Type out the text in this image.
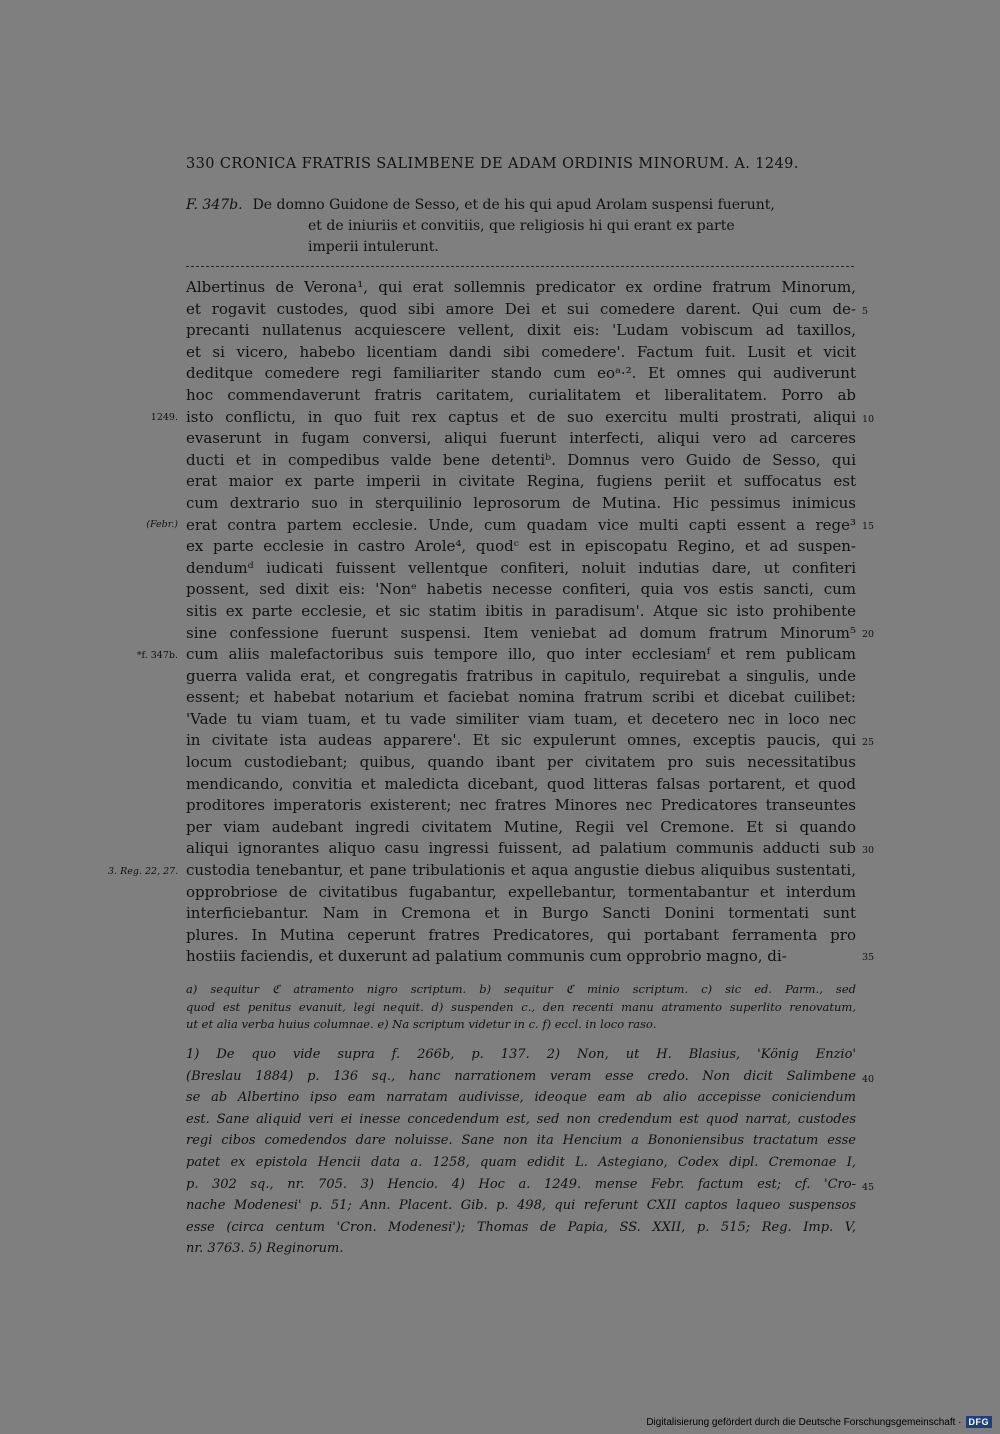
330 CRONICA FRATRIS SALIMBENE DE ADAM ORDINIS MINORUM. A. 1249.
F. 347b. De domno Guidone de Sesso, et de his qui apud Arolam suspensi fuerunt,
et de iniuriis et convitiis, que religiosis hi qui erant ex parte
imperii intulerunt.
Albertinus de Verona¹, qui erat sollemnis predicator ex ordine fratrum Minorum,
et rogavit custodes, quod sibi amore Dei et sui comedere darent. Qui cum de-
precanti nullatenus acquiescere vellent, dixit eis: 'Ludam vobiscum ad taxillos,
et si vicero, habebo licentiam dandi sibi comedere'. Factum fuit. Lusit et vicit
deditque comedere regi familiariter stando cum eoᵃ·². Et omnes qui audiverunt
hoc commendaverunt fratris caritatem, curialitatem et liberalitatem. Porro ab
isto conflictu, in quo fuit rex captus et de suo exercitu multi prostrati, aliqui
evaserunt in fugam conversi, aliqui fuerunt interfecti, aliqui vero ad carceres
ducti et in compedibus valde bene detentiᵇ. Domnus vero Guido de Sesso, qui
erat maior ex parte imperii in civitate Regina, fugiens periit et suffocatus est
cum dextrario suo in sterquilinio leprosorum de Mutina. Hic pessimus inimicus
erat contra partem ecclesie. Unde, cum quadam vice multi capti essent a rege³
ex parte ecclesie in castro Arole⁴, quodᶜ est in episcopatu Regino, et ad suspen-
dendumᵈ iudicati fuissent vellentque confiteri, noluit indutias dare, ut confiteri
possent, sed dixit eis: 'Nonᵉ habetis necesse confiteri, quia vos estis sancti, cum
sitis ex parte ecclesie, et sic statim ibitis in paradisum'. Atque sic isto prohibente
sine confessione fuerunt suspensi. Item veniebat ad domum fratrum Minorum⁵
cum aliis malefactoribus suis tempore illo, quo inter ecclesiamᶠ et rem publicam
guerra valida erat, et congregatis fratribus in capitulo, requirebat a singulis, unde
essent; et habebat notarium et faciebat nomina fratrum scribi et dicebat cuilibet:
'Vade tu viam tuam, et tu vade similiter viam tuam, et decetero nec in loco nec
in civitate ista audeas apparere'. Et sic expulerunt omnes, exceptis paucis, qui
locum custodiebant; quibus, quando ibant per civitatem pro suis necessitatibus
mendicando, convitia et maledicta dicebant, quod litteras falsas portarent, et quod
proditores imperatoris existerent; nec fratres Minores nec Predicatores transeuntes
per viam audebant ingredi civitatem Mutine, Regii vel Cremone. Et si quando
aliqui ignorantes aliquo casu ingressi fuissent, ad palatium communis adducti sub
custodia tenebantur, et pane tribulationis et aqua angustie diebus aliquibus sustentati,
opprobriose de civitatibus fugabantur, expellebantur, tormentabantur et interdum
interficiebantur. Nam in Cremona et in Burgo Sancti Donini tormentati sunt
plures. In Mutina ceperunt fratres Predicatores, qui portabant ferramenta pro
hostiis faciendis, et duxerunt ad palatium communis cum opprobrio magno, di-
1249.
(Febr.)
*f. 347b.
3. Reg. 22, 27.
5
10
15
20
25
30
35
40
45
a) sequitur ℭ atramento nigro scriptum. b) sequitur ℭ minio scriptum. c) sic ed. Parm., sed
quod est penitus evanuit, legi nequit. d) suspenden c., den recenti manu atramento superlito renovatum,
ut et alia verba huius columnae. e) Na scriptum videtur in c. f) eccl. in loco raso.
1) De quo vide supra f. 266b, p. 137. 2) Non, ut H. Blasius, 'König Enzio'
(Breslau 1884) p. 136 sq., hanc narrationem veram esse credo. Non dicit Salimbene
se ab Albertino ipso eam narratam audivisse, ideoque eam ab alio accepisse coniciendum
est. Sane aliquid veri ei inesse concedendum est, sed non credendum est quod narrat, custodes
regi cibos comedendos dare noluisse. Sane non ita Hencium a Bononiensibus tractatum esse
patet ex epistola Hencii data a. 1258, quam edidit L. Astegiano, Codex dipl. Cremonae I,
p. 302 sq., nr. 705. 3) Hencio. 4) Hoc a. 1249. mense Febr. factum est; cf. 'Cro-
nache Modenesi' p. 51; Ann. Placent. Gib. p. 498, qui referunt CXII captos laqueo suspensos
esse (circa centum 'Cron. Modenesi'); Thomas de Papia, SS. XXII, p. 515; Reg. Imp. V,
nr. 3763. 5) Reginorum.
Digitalisierung gefördert durch die Deutsche Forschungsgemeinschaft · DFG
